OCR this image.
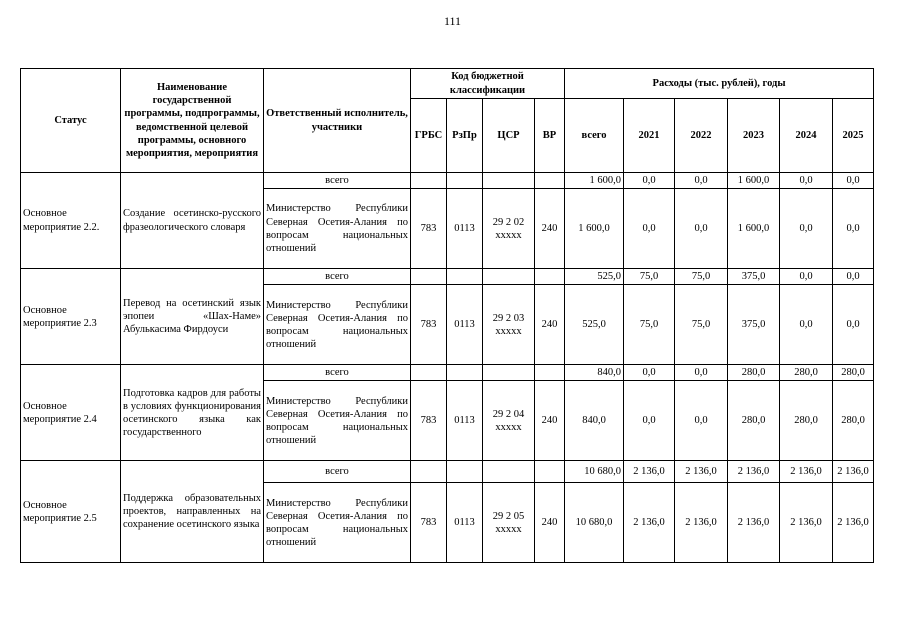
111
Статус	Наименование государственной программы, подпрограммы, ведомственной целевой программы, основного мероприятия, мероприятия	Ответственный исполнитель, участники	Код бюджетной классификации				Расходы (тыс. рублей), годы					
			ГРБС	РзПр	ЦСР	ВР	всего	2021	2022	2023	2024	2025
Основное мероприятие 2.2.	Создание осетинско-русского фразеологического словаря	всего					1 600,0	0,0	0,0	1 600,0	0,0	0,0
		Министерство Республики Северная Осетия-Алания по вопросам национальных отношений	783	0113	29 2 02 xxxxx	240	1 600,0	0,0	0,0	1 600,0	0,0	0,0
Основное мероприятие 2.3	Перевод на осетинский язык эпопеи «Шах-Наме» Абулькасима Фирдоуси	всего					525,0	75,0	75,0	375,0	0,0	0,0
		Министерство Республики Северная Осетия-Алания по вопросам национальных отношений	783	0113	29 2 03 xxxxx	240	525,0	75,0	75,0	375,0	0,0	0,0
Основное мероприятие 2.4	Подготовка кадров для работы в условиях функционирования осетинского языка как государственного	всего					840,0	0,0	0,0	280,0	280,0	280,0
		Министерство Республики Северная Осетия-Алания по вопросам национальных отношений	783	0113	29 2 04 xxxxx	240	840,0	0,0	0,0	280,0	280,0	280,0
Основное мероприятие 2.5	Поддержка образовательных проектов, направленных на сохранение осетинского языка	всего					10 680,0	2 136,0	2 136,0	2 136,0	2 136,0	2 136,0
		Министерство Республики Северная Осетия-Алания по вопросам национальных отношений	783	0113	29 2 05 xxxxx	240	10 680,0	2 136,0	2 136,0	2 136,0	2 136,0	2 136,0
